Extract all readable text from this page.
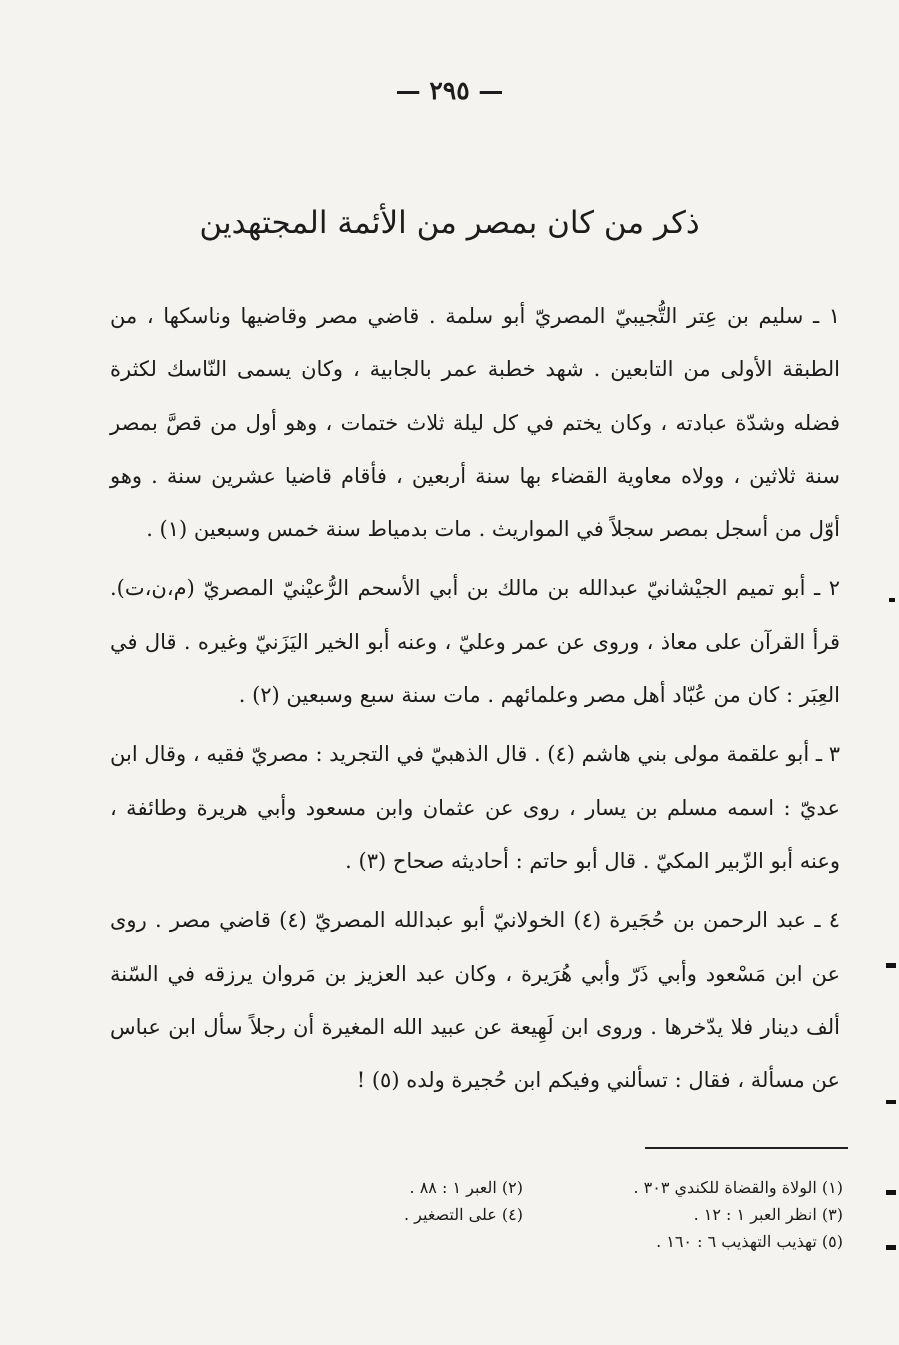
— ٢٩٥ —
ذكر من كان بمصر من الأئمة المجتهدين

١ ـ سليم بن عِتر التُّجيبيّ المصريّ أبو سلمة . قاضي مصر وقاضيها وناسكها ، من الطبقة الأولى من التابعين . شهد خطبة عمر بالجابية ، وكان يسمى النّاسك لكثرة فضله وشدّة عبادته ، وكان يختم في كل ليلة ثلاث ختمات ، وهو أول من قصَّ بمصر سنة ثلاثين ، وولاه معاوية القضاء بها سنة أربعين ، فأقام قاضيا عشرين سنة . وهو أوّل من أسجل بمصر سجلاً في المواريث . مات بدمياط سنة خمس وسبعين (١) .

٢ ـ أبو تميم الجيْشانيّ عبدالله بن مالك بن أبي الأسحم الرُّعيْنيّ المصريّ (م،ن،ت). قرأ القرآن على معاذ ، وروى عن عمر وعليّ ، وعنه أبو الخير اليَزَنيّ وغيره . قال في العِبَر : كان من عُبّاد أهل مصر وعلمائهم . مات سنة سبع وسبعين (٢) .

٣ ـ أبو علقمة مولى بني هاشم (٤) . قال الذهبيّ في التجريد : مصريّ فقيه ، وقال ابن عديّ : اسمه مسلم بن يسار ، روى عن عثمان وابن مسعود وأبي هريرة وطائفة ، وعنه أبو الزّبير المكيّ . قال أبو حاتم : أحاديثه صحاح (٣) .

٤ ـ عبد الرحمن بن حُجَيرة (٤) الخولانيّ أبو عبدالله المصريّ (٤) قاضي مصر . روى عن ابن مَسْعود وأبي ذَرّ وأبي هُرَيرة ، وكان عبد العزيز بن مَروان يرزقه في السّنة ألف دينار فلا يدّخرها . وروى ابن لَهِيعة عن عبيد الله المغيرة أن رجلاً سأل ابن عباس عن مسألة ، فقال : تسألني وفيكم ابن حُجيرة ولده (٥) !

(١) الولاة والقضاة للكندي ٣٠٣ .
(٢) العبر ١ : ٨٨ .
(٣) انظر العبر ١ : ١٢ .
(٤) على التصغير .
(٥) تهذيب التهذيب ٦ : ١٦٠ .
